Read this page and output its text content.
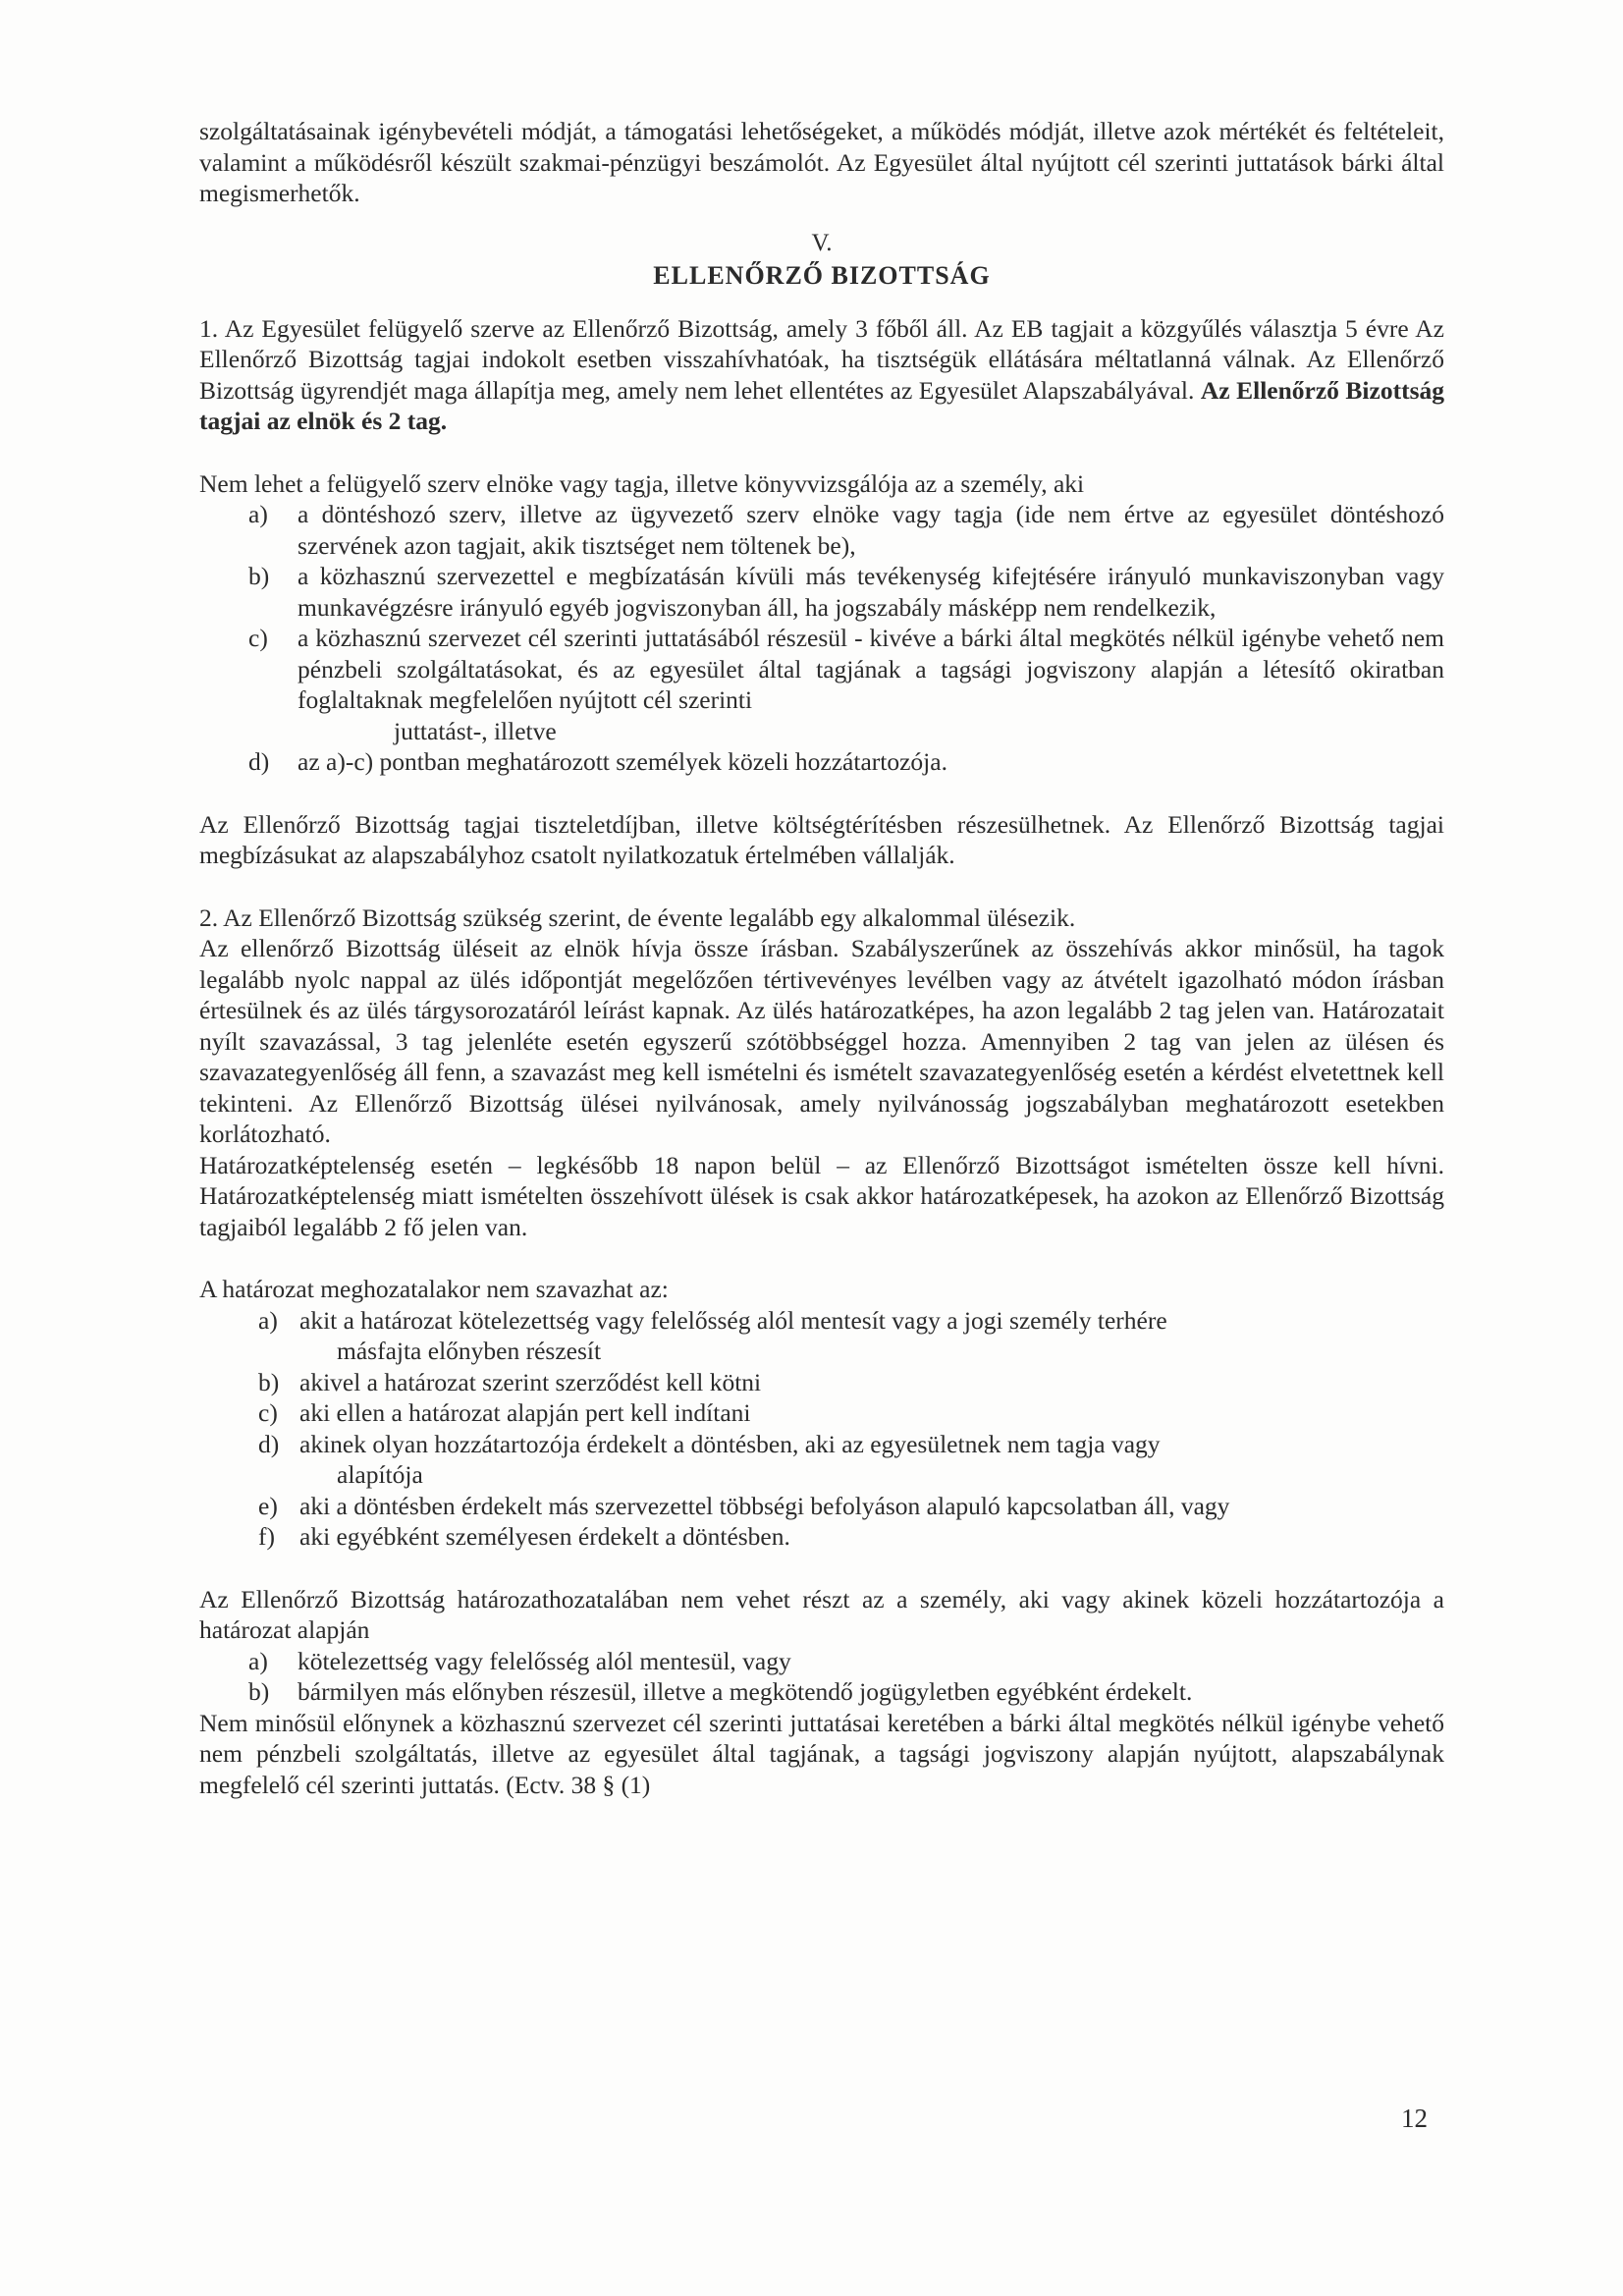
szolgáltatásainak igénybevételi módját, a támogatási lehetőségeket, a működés módját, illetve azok mértékét és feltételeit, valamint a működésről készült szakmai-pénzügyi beszámolót. Az Egyesület által nyújtott cél szerinti juttatások bárki által megismerhetők.

V.
ELLENŐRZŐ BIZOTTSÁG

1. Az Egyesület felügyelő szerve az Ellenőrző Bizottság, amely 3 főből áll. Az EB tagjait a közgyűlés választja 5 évre Az Ellenőrző Bizottság tagjai indokolt esetben visszahívhatóak, ha tisztségük ellátására méltatlanná válnak. Az Ellenőrző Bizottság ügyrendjét maga állapítja meg, amely nem lehet ellentétes az Egyesület Alapszabályával. Az Ellenőrző Bizottság tagjai az elnök és 2 tag.

Nem lehet a felügyelő szerv elnöke vagy tagja, illetve könyvvizsgálója az a személy, aki

a) a döntéshozó szerv, illetve az ügyvezető szerv elnöke vagy tagja (ide nem értve az egyesület döntéshozó szervének azon tagjait, akik tisztséget nem töltenek be),
b) a közhasznú szervezettel e megbízatásán kívüli más tevékenység kifejtésére irányuló munkaviszonyban vagy munkavégzésre irányuló egyéb jogviszonyban áll, ha jogszabály másképp nem rendelkezik,
c) a közhasznú szervezet cél szerinti juttatásából részesül - kivéve a bárki által megkötés nélkül igénybe vehető nem pénzbeli szolgáltatásokat, és az egyesület által tagjának a tagsági jogviszony alapján a létesítő okiratban foglaltaknak megfelelően nyújtott cél szerinti
juttatást-, illetve
d) az a)-c) pontban meghatározott személyek közeli hozzátartozója.

Az Ellenőrző Bizottság tagjai tiszteletdíjban, illetve költségtérítésben részesülhetnek. Az Ellenőrző Bizottság tagjai megbízásukat az alapszabályhoz csatolt nyilatkozatuk értelmében vállalják.

2. Az Ellenőrző Bizottság szükség szerint, de évente legalább egy alkalommal ülésezik.

Az ellenőrző Bizottság üléseit az elnök hívja össze írásban. Szabályszerűnek az összehívás akkor minősül, ha tagok legalább nyolc nappal az ülés időpontját megelőzően tértivevényes levélben vagy az átvételt igazolható módon írásban értesülnek és az ülés tárgysorozatáról leírást kapnak. Az ülés határozatképes, ha azon legalább 2 tag jelen van. Határozatait nyílt szavazással, 3 tag jelenléte esetén egyszerű szótöbbséggel hozza. Amennyiben 2 tag van jelen az ülésen és szavazategyenlőség áll fenn, a szavazást meg kell ismételni és ismételt szavazategyenlőség esetén a kérdést elvetettnek kell tekinteni. Az Ellenőrző Bizottság ülései nyilvánosak, amely nyilvánosság jogszabályban meghatározott esetekben korlátozható.

Határozatképtelenség esetén – legkésőbb 18 napon belül – az Ellenőrző Bizottságot ismételten össze kell hívni. Határozatképtelenség miatt ismételten összehívott ülések is csak akkor határozatképesek, ha azokon az Ellenőrző Bizottság tagjaiból legalább 2 fő jelen van.

A határozat meghozatalakor nem szavazhat az:

a) akit a határozat kötelezettség vagy felelősség alól mentesít vagy a jogi személy terhére
másfajta előnyben részesít
b) akivel a határozat szerint szerződést kell kötni
c) aki ellen a határozat alapján pert kell indítani
d) akinek olyan hozzátartozója érdekelt a döntésben, aki az egyesületnek nem tagja vagy
alapítója
e) aki a döntésben érdekelt más szervezettel többségi befolyáson alapuló kapcsolatban áll, vagy
f) aki egyébként személyesen érdekelt a döntésben.

Az Ellenőrző Bizottság határozathozatalában nem vehet részt az a személy, aki vagy akinek közeli hozzátartozója a határozat alapján

a) kötelezettség vagy felelősség alól mentesül, vagy
b) bármilyen más előnyben részesül, illetve a megkötendő jogügyletben egyébként érdekelt.

Nem minősül előnynek a közhasznú szervezet cél szerinti juttatásai keretében a bárki által megkötés nélkül igénybe vehető nem pénzbeli szolgáltatás, illetve az egyesület által tagjának, a tagsági jogviszony alapján nyújtott, alapszabálynak megfelelő cél szerinti juttatás. (Ectv. 38 § (1)

12
